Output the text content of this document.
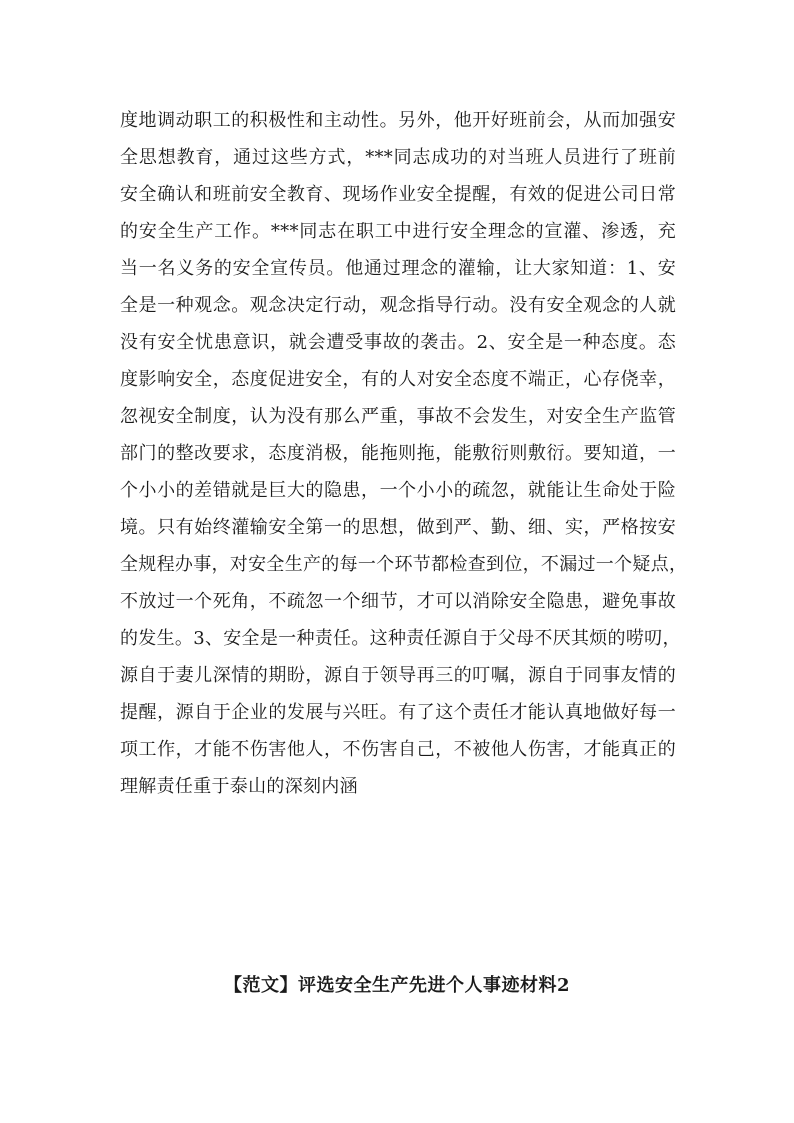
度地调动职工的积极性和主动性。另外，他开好班前会，从而加强安
全思想教育，通过这些方式，***同志成功的对当班人员进行了班前
安全确认和班前安全教育、现场作业安全提醒，有效的促进公司日常
的安全生产工作。***同志在职工中进行安全理念的宣灌、渗透，充
当一名义务的安全宣传员。他通过理念的灌输，让大家知道：1、安
全是一种观念。观念决定行动，观念指导行动。没有安全观念的人就
没有安全忧患意识，就会遭受事故的袭击。2、安全是一种态度。态
度影响安全，态度促进安全，有的人对安全态度不端正，心存侥幸，
忽视安全制度，认为没有那么严重，事故不会发生，对安全生产监管
部门的整改要求，态度消极，能拖则拖，能敷衍则敷衍。要知道，一
个小小的差错就是巨大的隐患，一个小小的疏忽，就能让生命处于险
境。只有始终灌输安全第一的思想，做到严、勤、细、实，严格按安
全规程办事，对安全生产的每一个环节都检查到位，不漏过一个疑点，
不放过一个死角，不疏忽一个细节，才可以消除安全隐患，避免事故
的发生。3、安全是一种责任。这种责任源自于父母不厌其烦的唠叨，
源自于妻儿深情的期盼，源自于领导再三的叮嘱，源自于同事友情的
提醒，源自于企业的发展与兴旺。有了这个责任才能认真地做好每一
项工作，才能不伤害他人，不伤害自己，不被他人伤害，才能真正的
理解责任重于泰山的深刻内涵
【范文】评选安全生产先进个人事迹材料2
